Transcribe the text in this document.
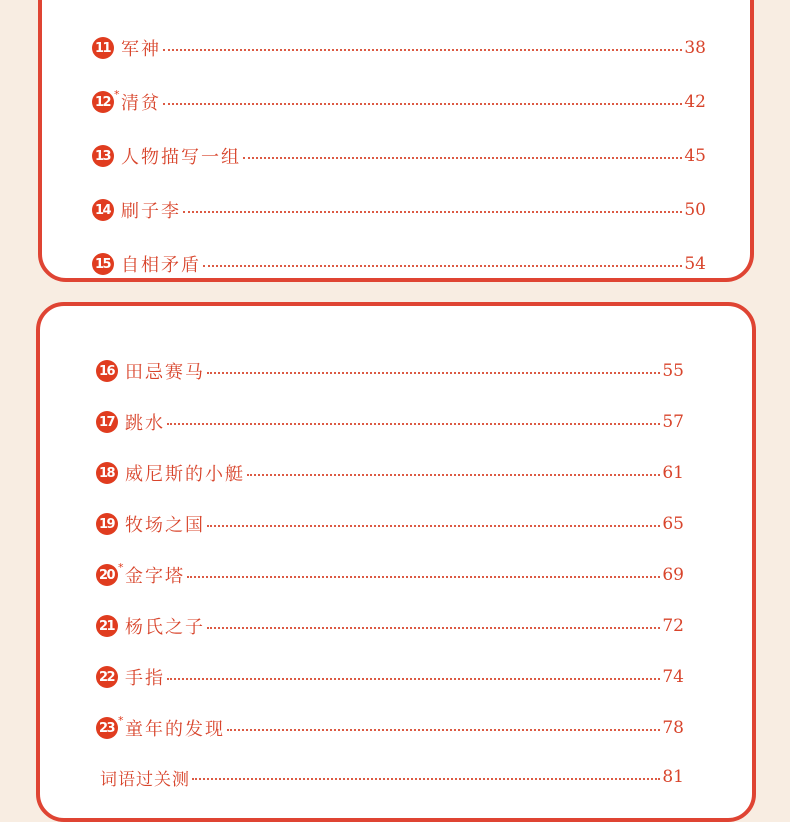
11 军神	38
12 * 清贫	42
13 人物描写一组	45
14 刷子李	50
15 自相矛盾	54
16 田忌赛马	55
17 跳水	57
18 威尼斯的小艇	61
19 牧场之国	65
20 * 金字塔	69
21 杨氏之子	72
22 手指	74
23 * 童年的发现	78
词语过关测	81
